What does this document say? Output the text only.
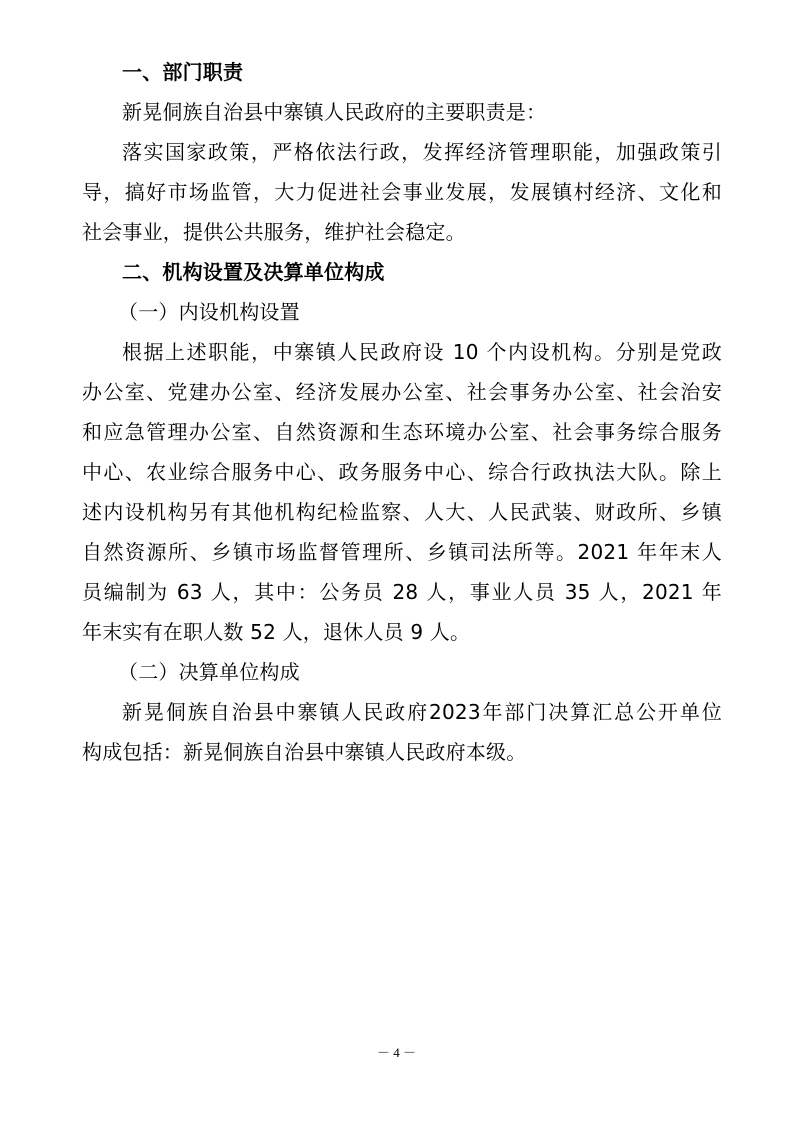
一、部门职责
新晃侗族自治县中寨镇人民政府的主要职责是：
落实国家政策，严格依法行政，发挥经济管理职能，加强政策引
导，搞好市场监管，大力促进社会事业发展，发展镇村经济、文化和
社会事业，提供公共服务，维护社会稳定。
二、机构设置及决算单位构成
（一）内设机构设置
根据上述职能，中寨镇人民政府设 10 个内设机构。分别是党政
办公室、党建办公室、经济发展办公室、社会事务办公室、社会治安
和应急管理办公室、自然资源和生态环境办公室、社会事务综合服务
中心、农业综合服务中心、政务服务中心、综合行政执法大队。除上
述内设机构另有其他机构纪检监察、人大、人民武装、财政所、乡镇
自然资源所、乡镇市场监督管理所、乡镇司法所等。2021 年年末人
员编制为 63 人，其中：公务员 28 人，事业人员 35 人，2021 年
年末实有在职人数 52 人，退休人员 9 人。
（二）决算单位构成
新晃侗族自治县中寨镇人民政府2023年部门决算汇总公开单位
构成包括：新晃侗族自治县中寨镇人民政府本级。
－ 4 －
